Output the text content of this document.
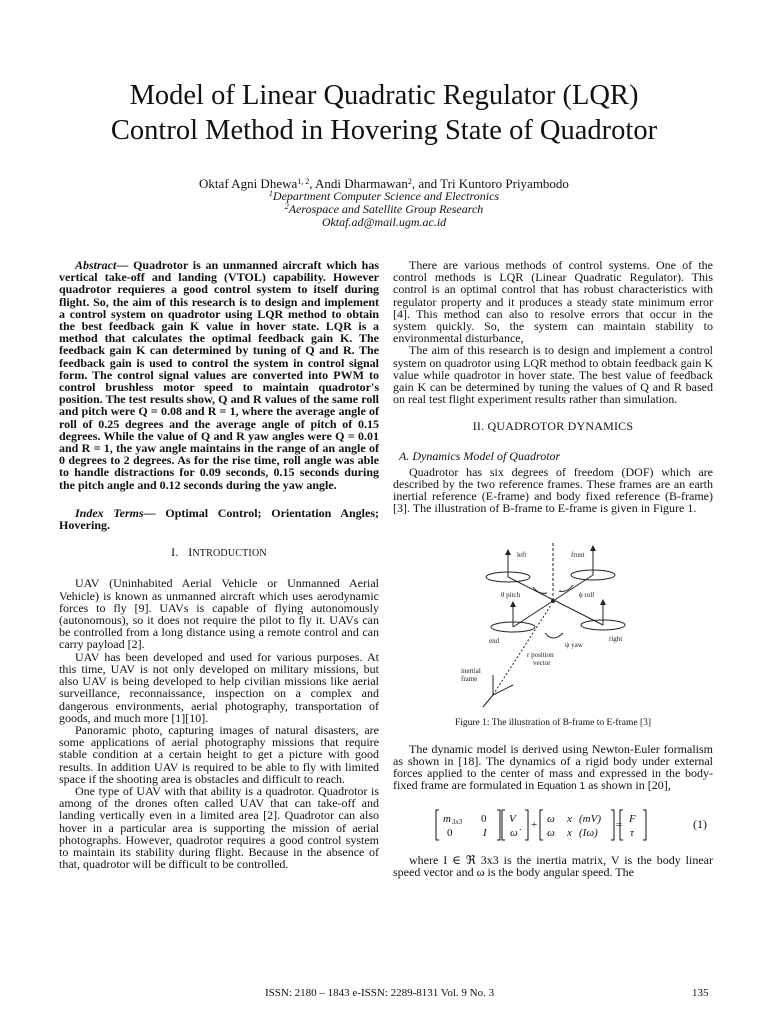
Model of Linear Quadratic Regulator (LQR)
Control Method in Hovering State of Quadrotor
Oktaf Agni Dhewa$^{1, 2}$, Andi Dharmawan$^2$, and Tri Kuntoro Priyambodo
$^1$Department Computer Science and Electronics
$^2$Aerospace and Satellite Group Research
Oktaf.ad@mail.ugm.ac.id

Abstract— Quadrotor is an unmanned aircraft which has vertical take-off and landing (VTOL) capability. However quadrotor requieres a good control system to itself during flight. So, the aim of this research is to design and implement a control system on quadrotor using LQR method to obtain the best feedback gain K value in hover state. LQR is a method that calculates the optimal feedback gain K. The feedback gain K can determined by tuning of Q and R. The feedback gain is used to control the system in control signal form. The control signal values are converted into PWM to control brushless motor speed to maintain quadrotor's position. The test results show, Q and R values of the same roll and pitch were Q = 0.08 and R = 1, where the average angle of roll of 0.25 degrees and the average angle of pitch of 0.15 degrees. While the value of Q and R yaw angles were Q = 0.01 and R = 1, the yaw angle maintains in the range of an angle of 0 degrees to 2 degrees. As for the rise time, roll angle was able to handle distractions for 0.09 seconds, 0.15 seconds during the pitch angle and 0.12 seconds during the yaw angle.

Index Terms— Optimal Control; Orientation Angles; Hovering.

I. INTRODUCTION

UAV (Uninhabited Aerial Vehicle or Unmanned Aerial Vehicle) is known as unmanned aircraft which uses aerodynamic forces to fly [9]. UAVs is capable of flying autonomously (autonomous), so it does not require the pilot to fly it. UAVs can be controlled from a long distance using a remote control and can carry payload [2].

UAV has been developed and used for various purposes. At this time, UAV is not only developed on military missions, but also UAV is being developed to help civilian missions like aerial surveillance, reconnaissance, inspection on a complex and dangerous environments, aerial photography, transportation of goods, and much more [1][10].

Panoramic photo, capturing images of natural disasters, are some applications of aerial photography missions that require stable condition at a certain height to get a picture with good results. In addition UAV is required to be able to fly with limited space if the shooting area is obstacles and difficult to reach.

One type of UAV with that ability is a quadrotor. Quadrotor is among of the drones often called UAV that can take-off and landing vertically even in a limited area [2]. Quadrotor can also hover in a particular area is supporting the mission of aerial photographs. However, quadrotor requires a good control system to maintain its stability during flight. Because in the absence of that, quadrotor will be difficult to be controlled.

There are various methods of control systems. One of the control methods is LQR (Linear Quadratic Regulator). This control is an optimal control that has robust characteristics with regulator property and it produces a steady state minimum error [4]. This method can also to resolve errors that occur in the system quickly. So, the system can maintain stability to environmental disturbance,

The aim of this research is to design and implement a control system on quadrotor using LQR method to obtain feedback gain K value while quadrotor in hover state. The best value of feedback gain K can be determined by tuning the values of Q and R based on real test flight experiment results rather than simulation.

II. QUADROTOR DYNAMICS
A. Dynamics Model of Quadrotor

Quadrotor has six degrees of freedom (DOF) which are described by the two reference frames. These frames are an earth inertial reference (E-frame) and body fixed reference (B-frame) [3]. The illustration of B-frame to E-frame is given in Figure 1.

left	front
θ pitch	ϕ roll
end	right
ψ yaw
r position
vector
inertial
frame
Figure 1: The illustration of B-frame to E-frame [3]

The dynamic model is derived using Newton-Euler formalism as shown in [18]. The dynamics of a rigid body under external forces applied to the center of mass and expressed in the body-fixed frame are formulated in Equation 1 as shown in [20],

m 3x3 0
0	I
V
ω̇
+ ω x (mV)
ω x (Iω)
= F
τ
(1)

where I ∈ ℜ 3x3 is the inertia matrix, V is the body linear speed vector and ω is the body angular speed. The

ISSN: 2180 – 1843 e-ISSN: 2289-8131 Vol. 9 No. 3	135
